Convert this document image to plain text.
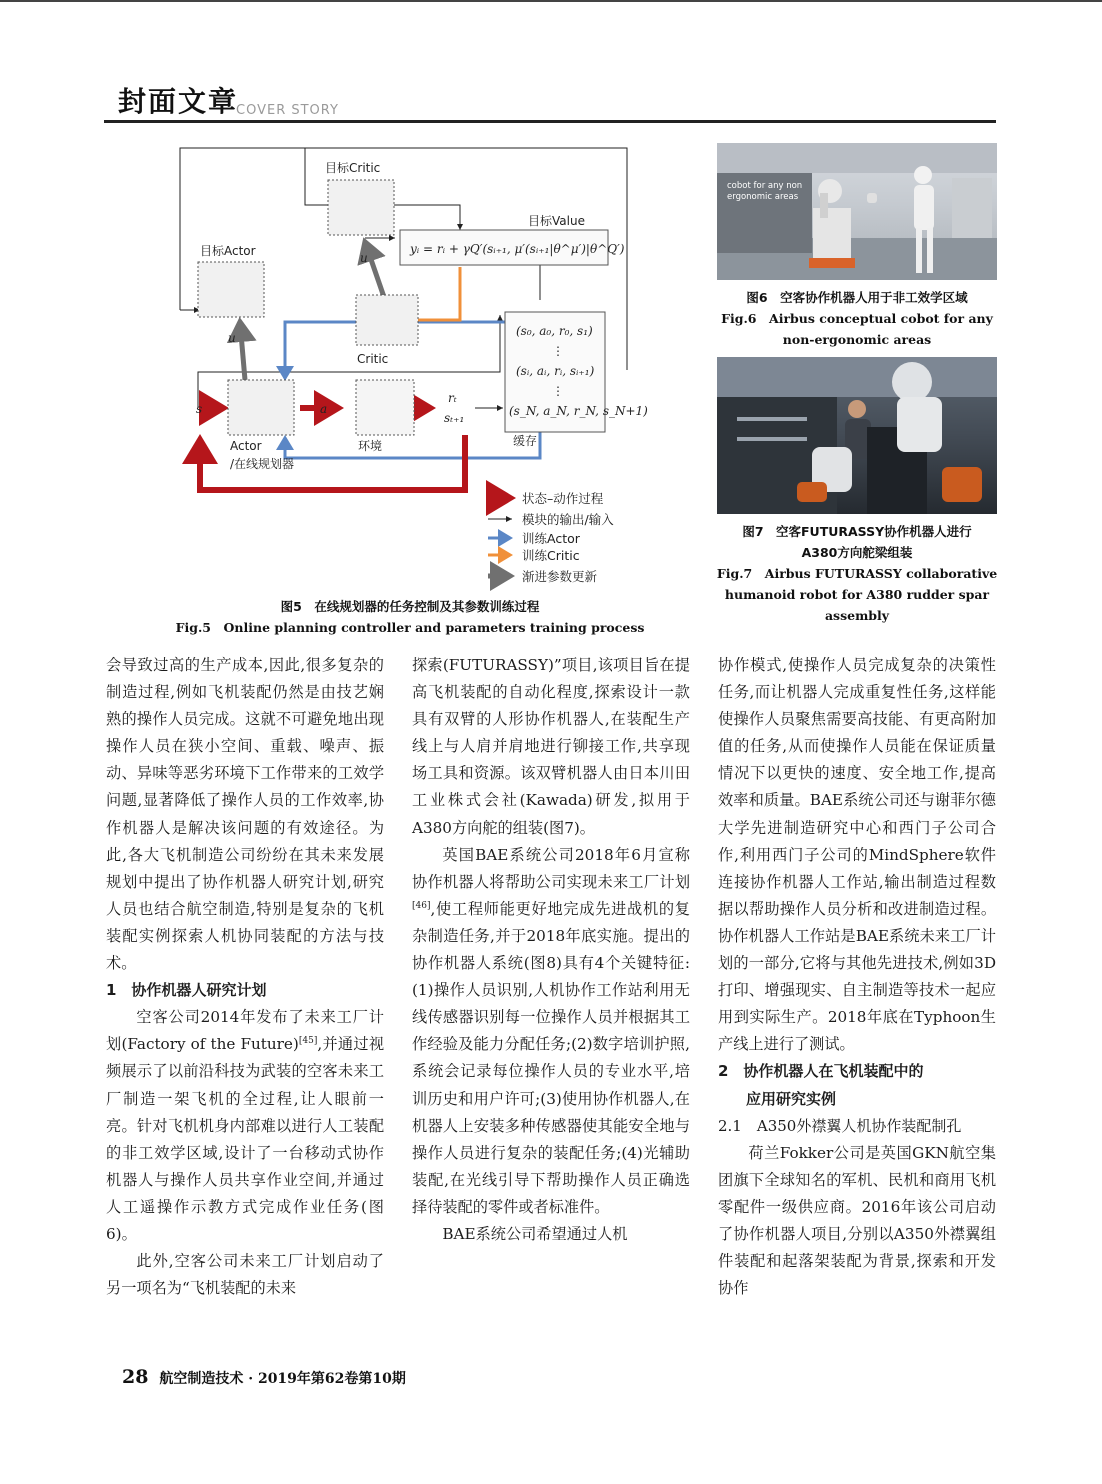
封面文章
COVER STORY
目标Critic
目标Actor
Critic
Actor
/在线规划器
环境
目标Value
yᵢ = rᵢ + γQ′(sᵢ₊₁, μ′(sᵢ₊₁|θ^μ′)|θ^Q′)
rₜ
sₜ₊₁
(s₀, a₀, r₀, s₁)
⋮
(sᵢ, aᵢ, rᵢ, sᵢ₊₁)
⋮
(s_N, a_N, r_N, s_N+1)
缓存
u
u
s	a
状态–动作过程
模块的输出/输入
训练Actor
训练Critic
渐进参数更新
图5　在线规划器的任务控制及其参数训练过程
Fig.5　Online planning controller and parameters training process
cobot for any non ergonomic areas
图6　空客协作机器人用于非工效学区域
Fig.6　Airbus conceptual cobot for any
non-ergonomic areas
图7　空客FUTURASSY协作机器人进行
A380方向舵梁组装
Fig.7　Airbus FUTURASSY collaborative
humanoid robot for A380 rudder spar
assembly

会导致过高的生产成本,因此,很多复杂的制造过程,例如飞机装配仍然是由技艺娴熟的操作人员完成。这就不可避免地出现操作人员在狭小空间、重载、噪声、振动、异味等恶劣环境下工作带来的工效学问题,显著降低了操作人员的工作效率,协作机器人是解决该问题的有效途径。为此,各大飞机制造公司纷纷在其未来发展规划中提出了协作机器人研究计划,研究人员也结合航空制造,特别是复杂的飞机装配实例探索人机协同装配的方法与技术。

1　协作机器人研究计划

空客公司2014年发布了未来工厂计划(Factory of the Future)[45],并通过视频展示了以前沿科技为武装的空客未来工厂制造一架飞机的全过程,让人眼前一亮。针对飞机机身内部难以进行人工装配的非工效学区域,设计了一台移动式协作机器人与操作人员共享作业空间,并通过人工遥操作示教方式完成作业任务(图6)。

此外,空客公司未来工厂计划启动了另一项名为“飞机装配的未来

探索(FUTURASSY)”项目,该项目旨在提高飞机装配的自动化程度,探索设计一款具有双臂的人形协作机器人,在装配生产线上与人肩并肩地进行铆接工作,共享现场工具和资源。该双臂机器人由日本川田工业株式会社(Kawada)研发,拟用于A380方向舵的组装(图7)。

英国BAE系统公司2018年6月宣称协作机器人将帮助公司实现未来工厂计划[46],使工程师能更好地完成先进战机的复杂制造任务,并于2018年底实施。提出的协作机器人系统(图8)具有4个关键特征:(1)操作人员识别,人机协作工作站利用无线传感器识别每一位操作人员并根据其工作经验及能力分配任务;(2)数字培训护照,系统会记录每位操作人员的专业水平,培训历史和用户许可;(3)使用协作机器人,在机器人上安装多种传感器使其能安全地与操作人员进行复杂的装配任务;(4)光辅助装配,在光线引导下帮助操作人员正确选择待装配的零件或者标准件。

BAE系统公司希望通过人机

协作模式,使操作人员完成复杂的决策性任务,而让机器人完成重复性任务,这样能使操作人员聚焦需要高技能、有更高附加值的任务,从而使操作人员能在保证质量情况下以更快的速度、安全地工作,提高效率和质量。BAE系统公司还与谢菲尔德大学先进制造研究中心和西门子公司合作,利用西门子公司的MindSphere软件连接协作机器人工作站,输出制造过程数据以帮助操作人员分析和改进制造过程。协作机器人工作站是BAE系统未来工厂计划的一部分,它将与其他先进技术,例如3D打印、增强现实、自主制造等技术一起应用到实际生产。2018年底在Typhoon生产线上进行了测试。

2　协作机器人在飞机装配中的

应用研究实例

2.1　A350外襟翼人机协作装配制孔

荷兰Fokker公司是英国GKN航空集团旗下全球知名的军机、民机和商用飞机零配件一级供应商。2016年该公司启动了协作机器人项目,分别以A350外襟翼组件装配和起落架装配为背景,探索和开发协作

28 航空制造技术 · 2019年第62卷第10期
